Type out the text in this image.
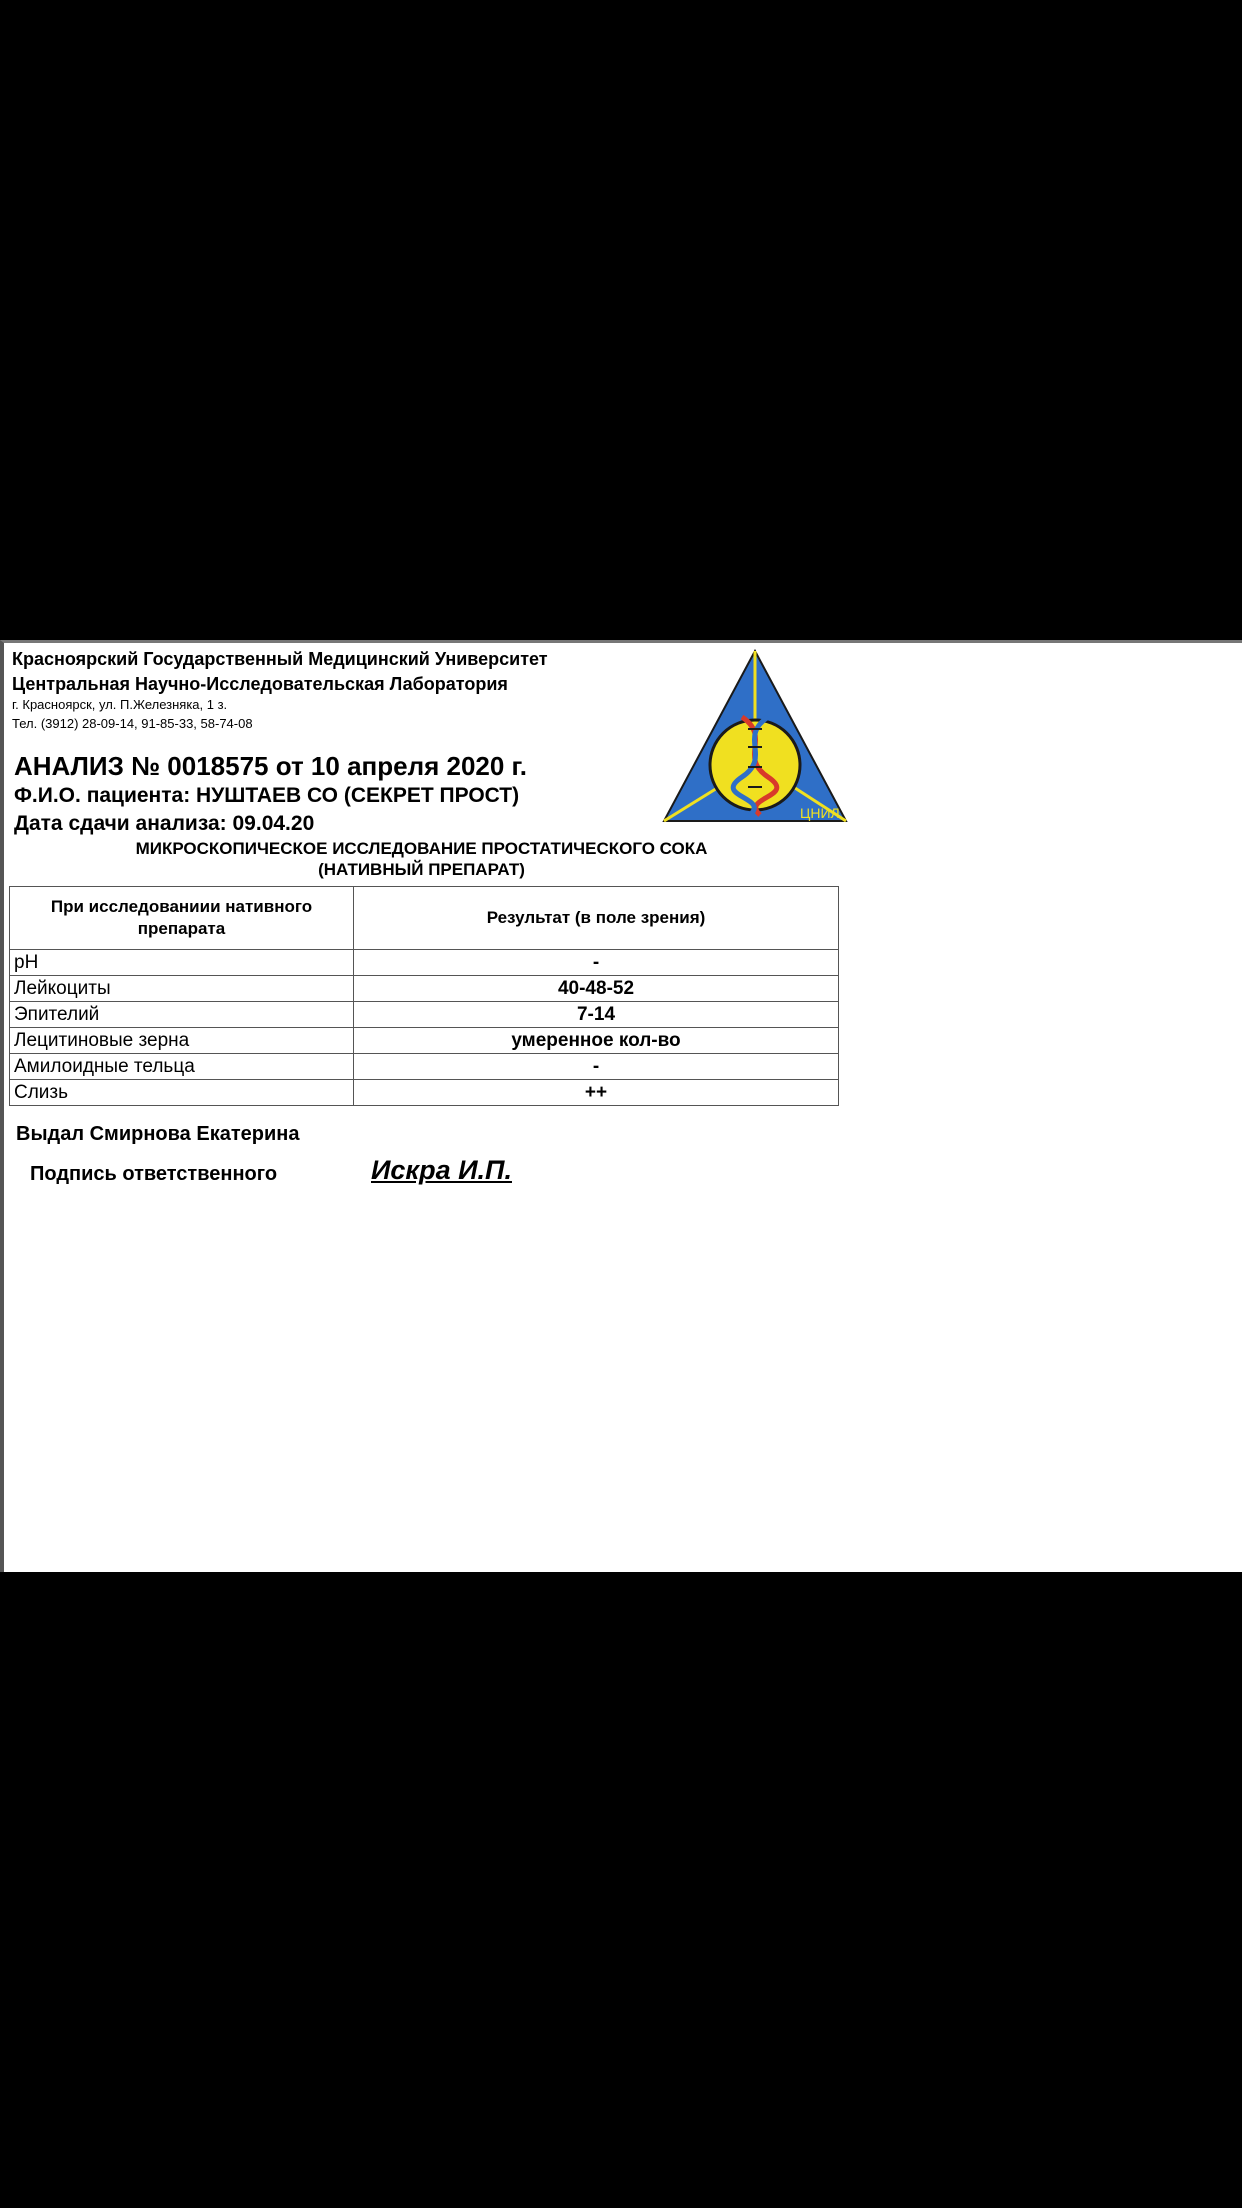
Красноярский Государственный Медицинский Университет
Центральная Научно-Исследовательская Лаборатория
г. Красноярск, ул. П.Железняка, 1 з.
Тел. (3912) 28-09-14, 91-85-33, 58-74-08
ЦНИЛ
АНАЛИЗ № 0018575 от 10 апреля 2020 г.
Ф.И.О. пациента: НУШТАЕВ СО (СЕКРЕТ ПРОСТ)
Дата сдачи анализа: 09.04.20
МИКРОСКОПИЧЕСКОЕ ИССЛЕДОВАНИЕ ПРОСТАТИЧЕСКОГО СОКА
(НАТИВНЫЙ ПРЕПАРАТ)
При исследованиии нативного
препарата	Результат (в поле зрения)
pH	-
Лейкоциты	40-48-52
Эпителий	7-14
Лецитиновые зерна	умеренное кол-во
Амилоидные тельца	-
Слизь	++
Выдал Смирнова Екатерина
Подпись ответственного	Искра И.П.
